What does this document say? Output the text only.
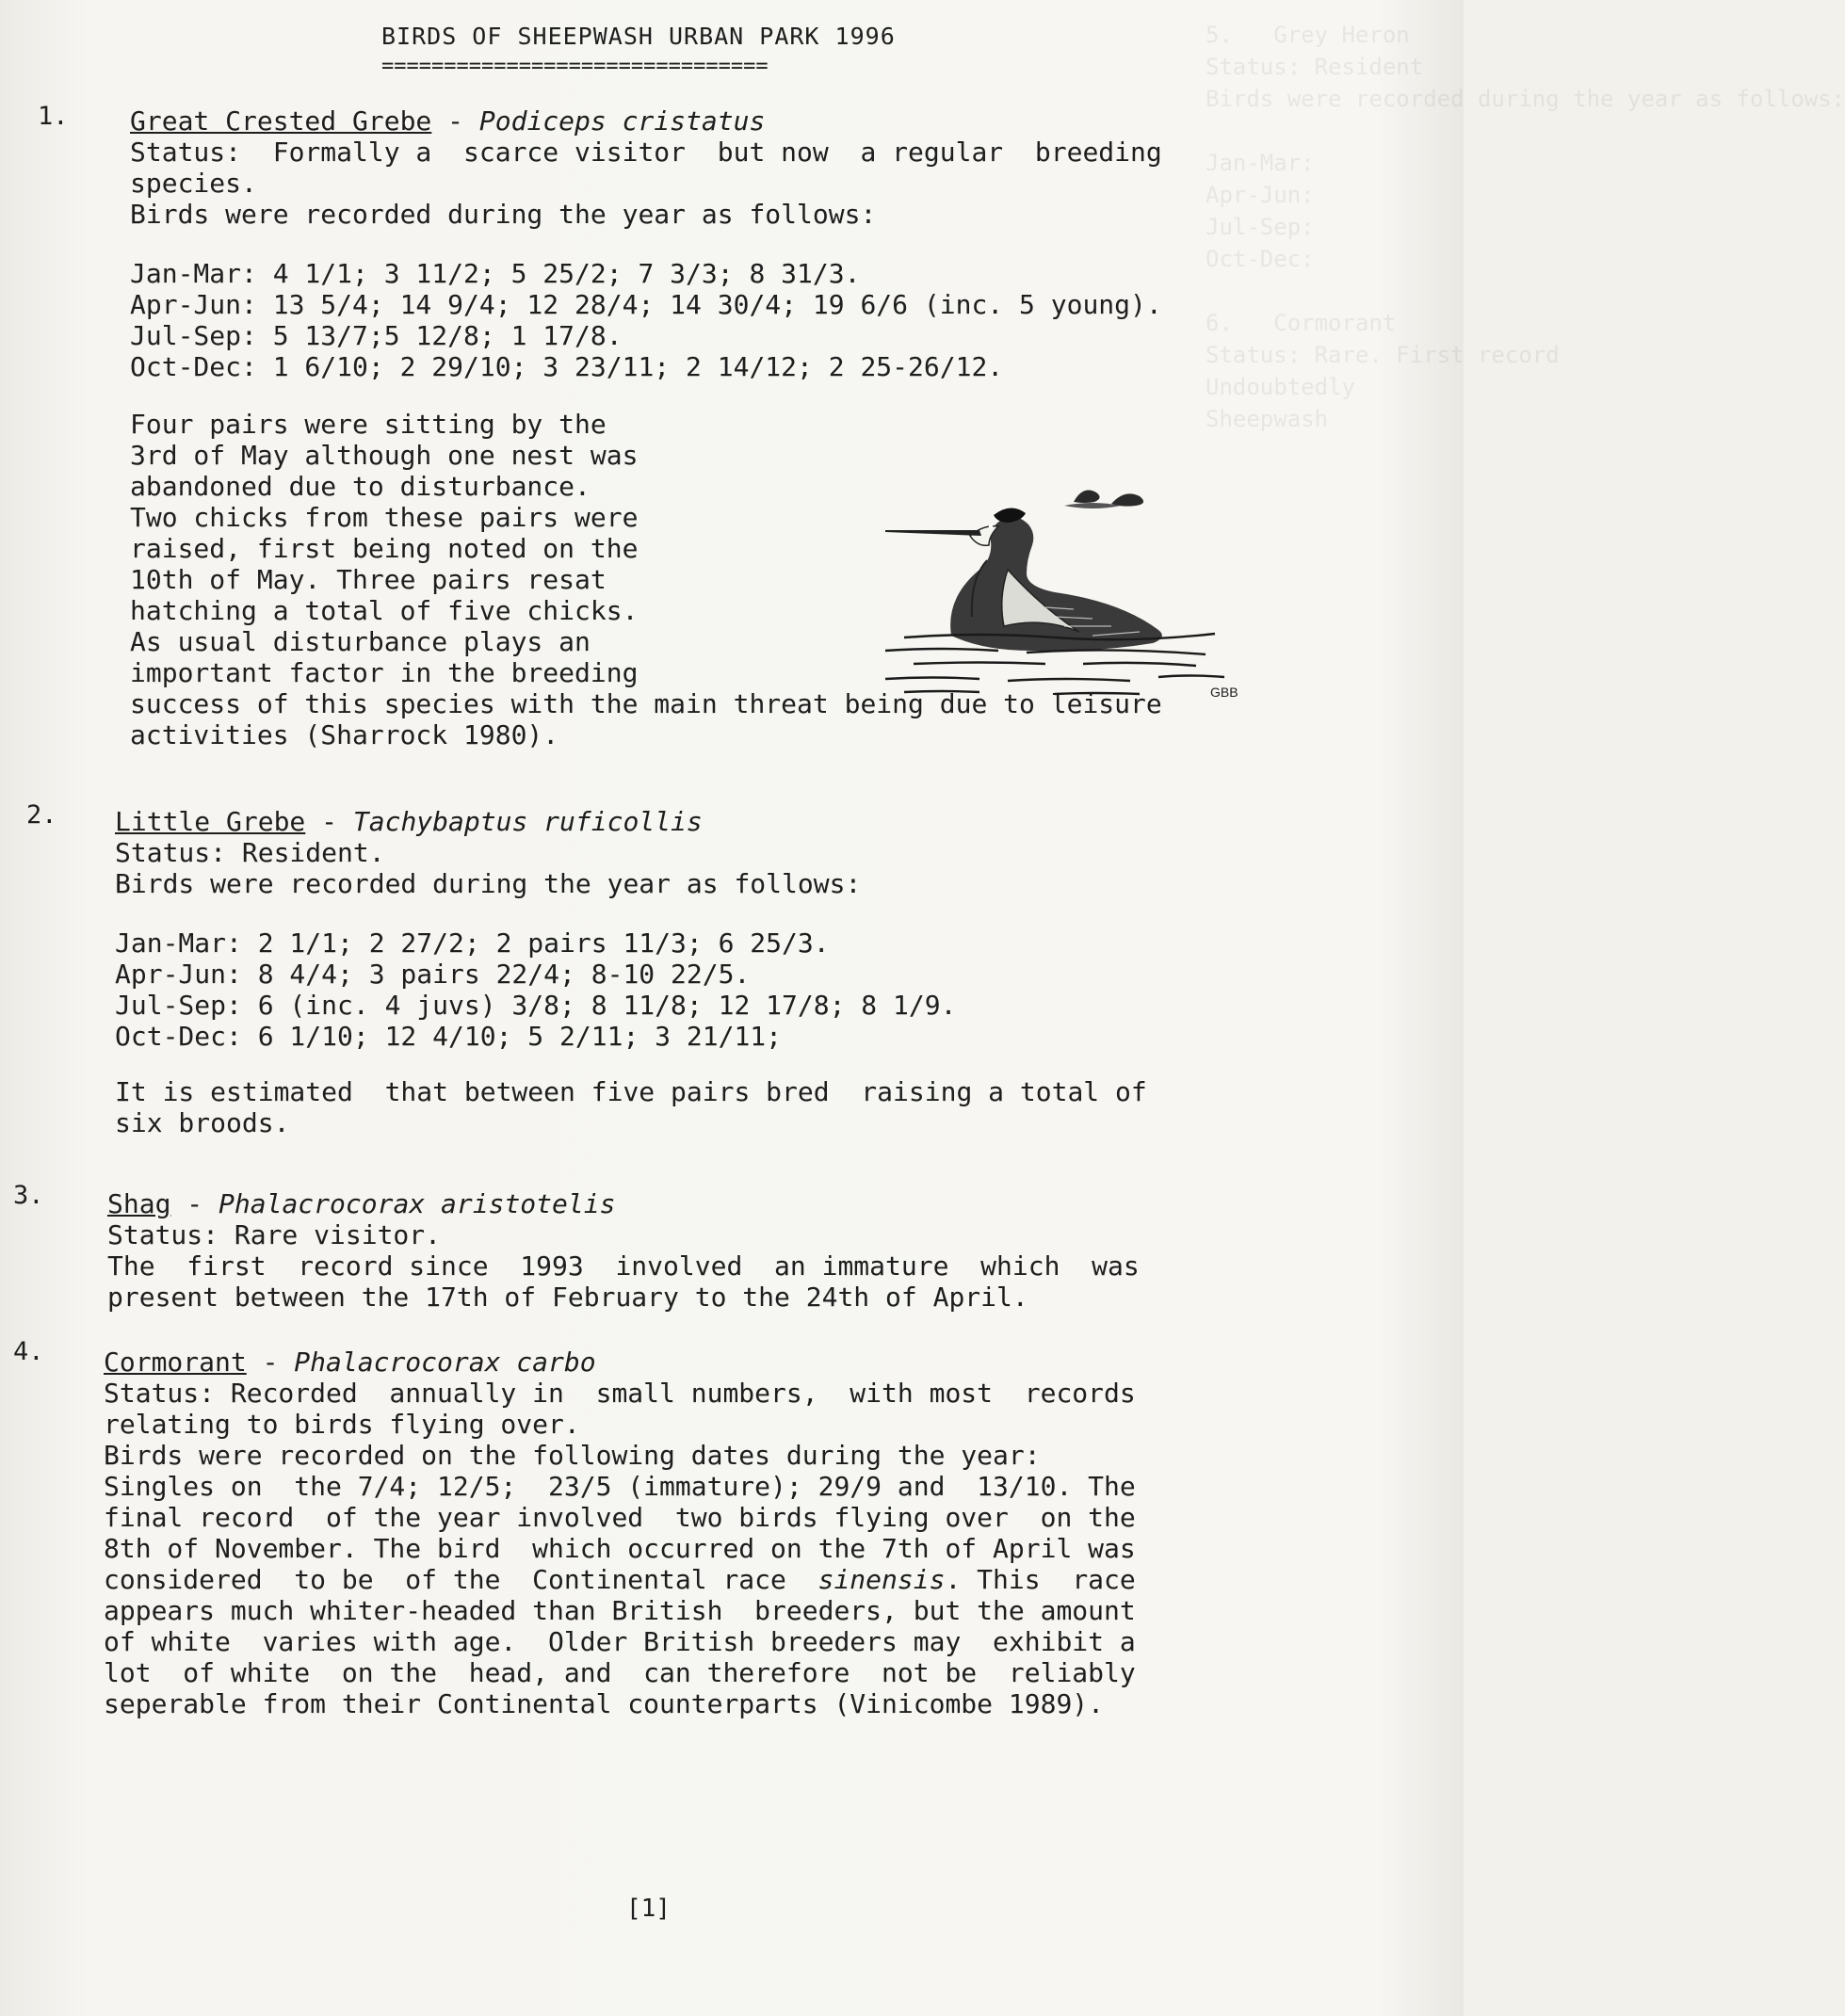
5.   Grey Heron
Status: Resident
Birds were recorded during the year as follows:

Jan-Mar:
Apr-Jun:
Jul-Sep:
Oct-Dec:

6.   Cormorant
Status: Rare. First record
Undoubtedly
Sheepwash
BIRDS OF SHEEPWASH URBAN PARK 1996
===============================
1. Great Crested Grebe - Podiceps cristatus
Status:  Formally a  scarce visitor  but now  a regular  breeding
species.
Birds were recorded during the year as follows:
Jan-Mar: 4 1/1; 3 11/2; 5 25/2; 7 3/3; 8 31/3.
Apr-Jun: 13 5/4; 14 9/4; 12 28/4; 14 30/4; 19 6/6 (inc. 5 young).
Jul-Sep: 5 13/7;5 12/8; 1 17/8.
Oct-Dec: 1 6/10; 2 29/10; 3 23/11; 2 14/12; 2 25-26/12.
Four pairs were sitting by the
3rd of May although one nest was
abandoned due to disturbance.
Two chicks from these pairs were
raised, first being noted on the
10th of May. Three pairs resat
hatching a total of five chicks.
As usual disturbance plays an
important factor in the breeding
success of this species with the main threat being due to leisure
activities (Sharrock 1980).
GBB
2. Little Grebe - Tachybaptus ruficollis
Status: Resident.
Birds were recorded during the year as follows:
Jan-Mar: 2 1/1; 2 27/2; 2 pairs 11/3; 6 25/3.
Apr-Jun: 8 4/4; 3 pairs 22/4; 8-10 22/5.
Jul-Sep: 6 (inc. 4 juvs) 3/8; 8 11/8; 12 17/8; 8 1/9.
Oct-Dec: 6 1/10; 12 4/10; 5 2/11; 3 21/11;
It is estimated  that between five pairs bred  raising a total of
six broods.
3. Shag - Phalacrocorax aristotelis
Status: Rare visitor.
The  first  record since  1993  involved  an immature  which  was
present between the 17th of February to the 24th of April.
4. Cormorant - Phalacrocorax carbo
Status: Recorded  annually in  small numbers,  with most  records
relating to birds flying over.
Birds were recorded on the following dates during the year:
Singles on  the 7/4; 12/5;  23/5 (immature); 29/9 and  13/10. The
final record  of the year involved  two birds flying over  on the
8th of November. The bird  which occurred on the 7th of April was
considered  to be  of the  Continental race  sinensis. This  race
appears much whiter-headed than British  breeders, but the amount
of white  varies with age.  Older British breeders may  exhibit a
lot  of white  on the  head, and  can therefore  not be  reliably
seperable from their Continental counterparts (Vinicombe 1989).
[1]
